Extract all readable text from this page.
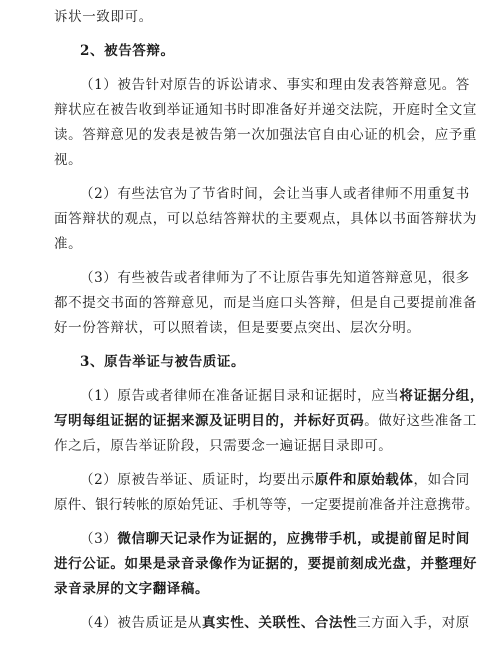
诉状一致即可。
2、被告答辩。
（1）被告针对原告的诉讼请求、事实和理由发表答辩意见。答
辩状应在被告收到举证通知书时即准备好并递交法院，开庭时全文宣
读。答辩意见的发表是被告第一次加强法官自由心证的机会，应予重
视。
（2）有些法官为了节省时间，会让当事人或者律师不用重复书
面答辩状的观点，可以总结答辩状的主要观点，具体以书面答辩状为
准。
（3）有些被告或者律师为了不让原告事先知道答辩意见，很多
都不提交书面的答辩意见，而是当庭口头答辩，但是自己要提前准备
好一份答辩状，可以照着读，但是要要点突出、层次分明。
3、原告举证与被告质证。
（1）原告或者律师在准备证据目录和证据时，应当将证据分组，
写明每组证据的证据来源及证明目的，并标好页码。做好这些准备工
作之后，原告举证阶段，只需要念一遍证据目录即可。
（2）原被告举证、质证时，均要出示原件和原始载体，如合同
原件、银行转帐的原始凭证、手机等等，一定要提前准备并注意携带。
（3）微信聊天记录作为证据的，应携带手机，或提前留足时间
进行公证。如果是录音录像作为证据的，要提前刻成光盘，并整理好
录音录屏的文字翻译稿。
（4）被告质证是从真实性、关联性、合法性三方面入手，对原
